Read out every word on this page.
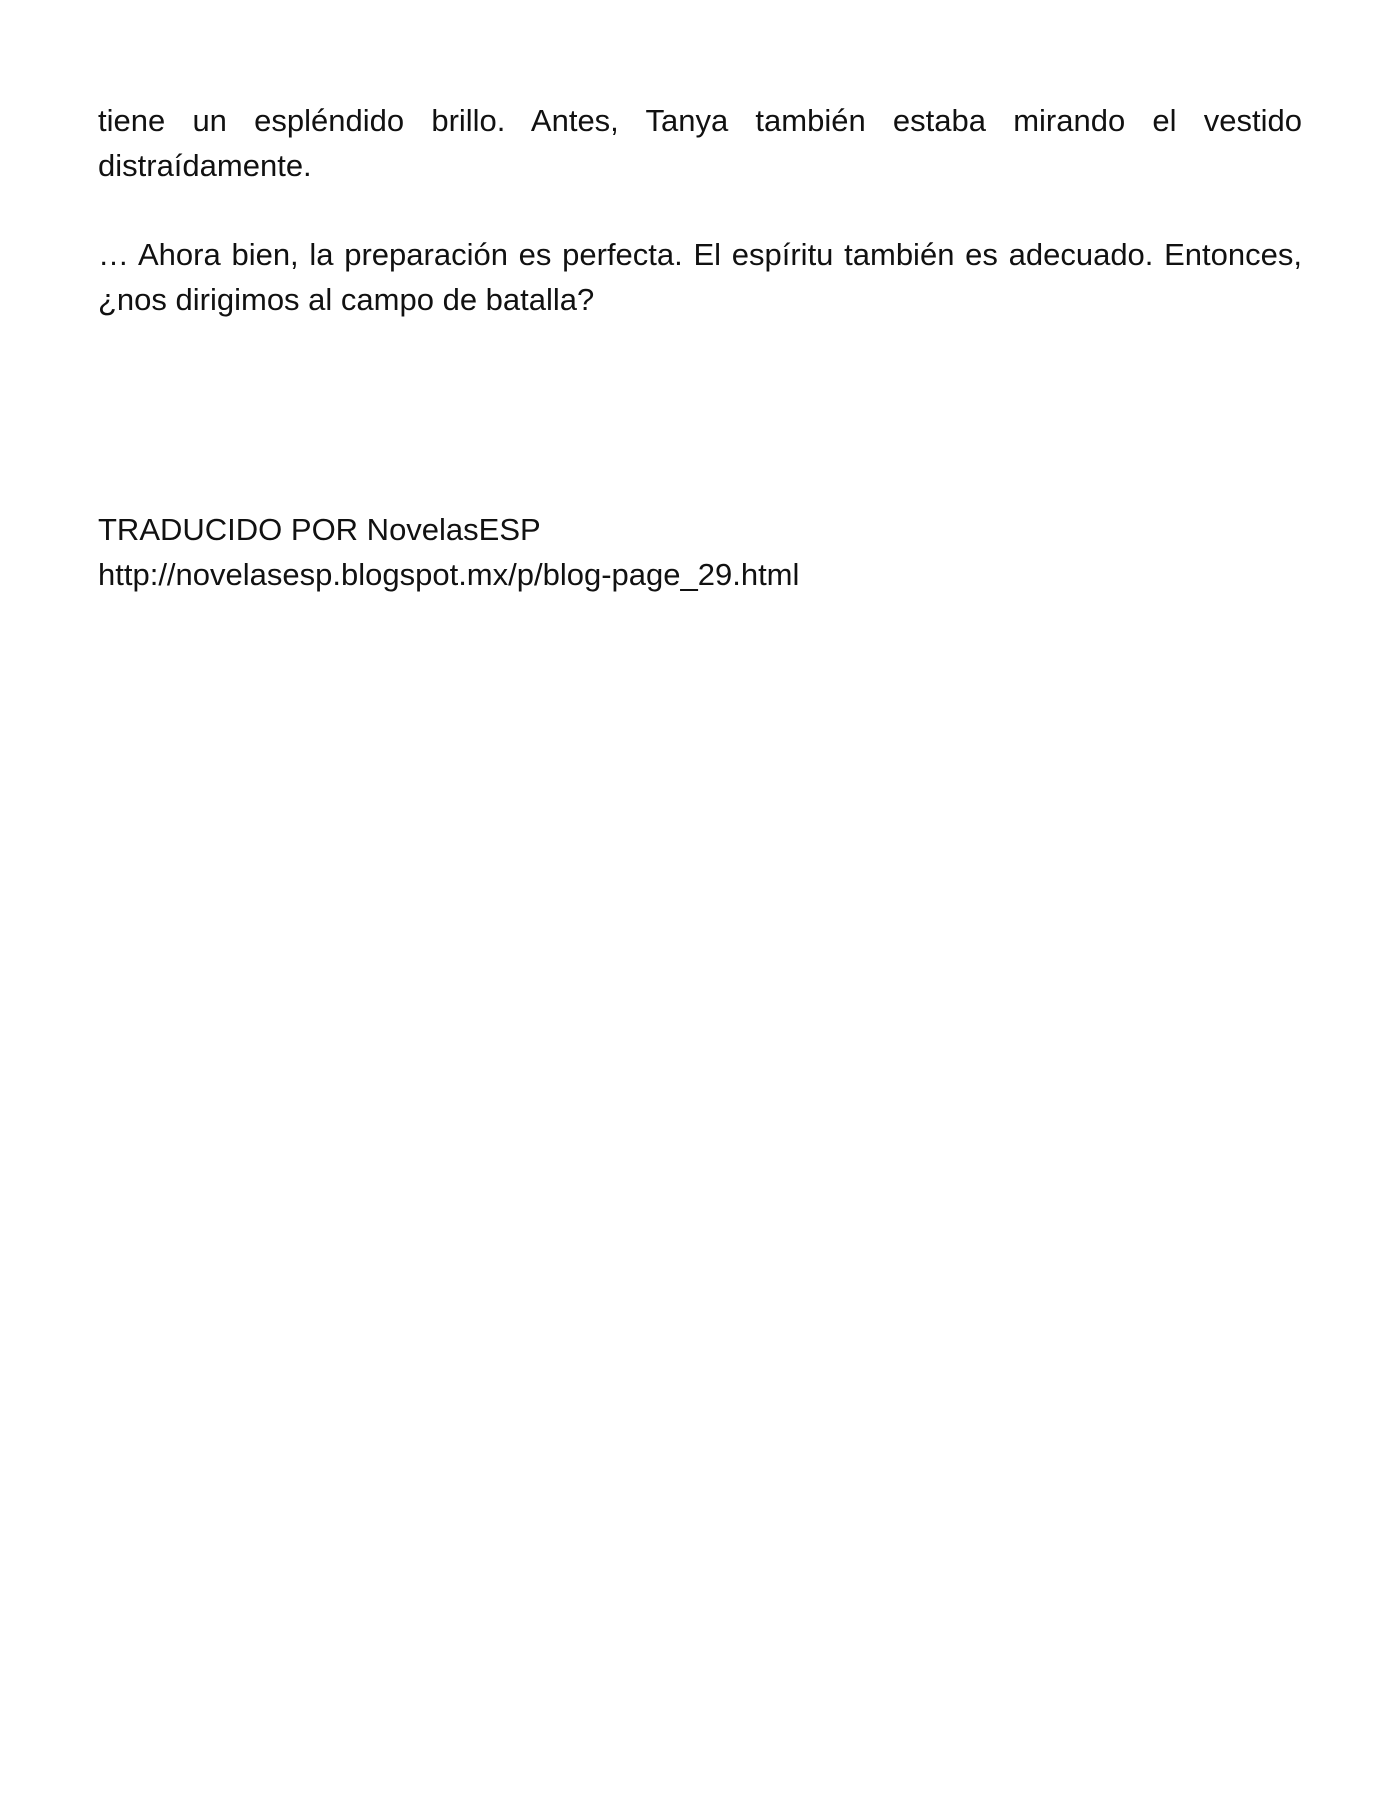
tiene un espléndido brillo. Antes, Tanya también estaba mirando el vestido distraídamente.

… Ahora bien, la preparación es perfecta. El espíritu también es adecuado. Entonces, ¿nos dirigimos al campo de batalla?

TRADUCIDO POR NovelasESP
http://novelasesp.blogspot.mx/p/blog-page_29.html
